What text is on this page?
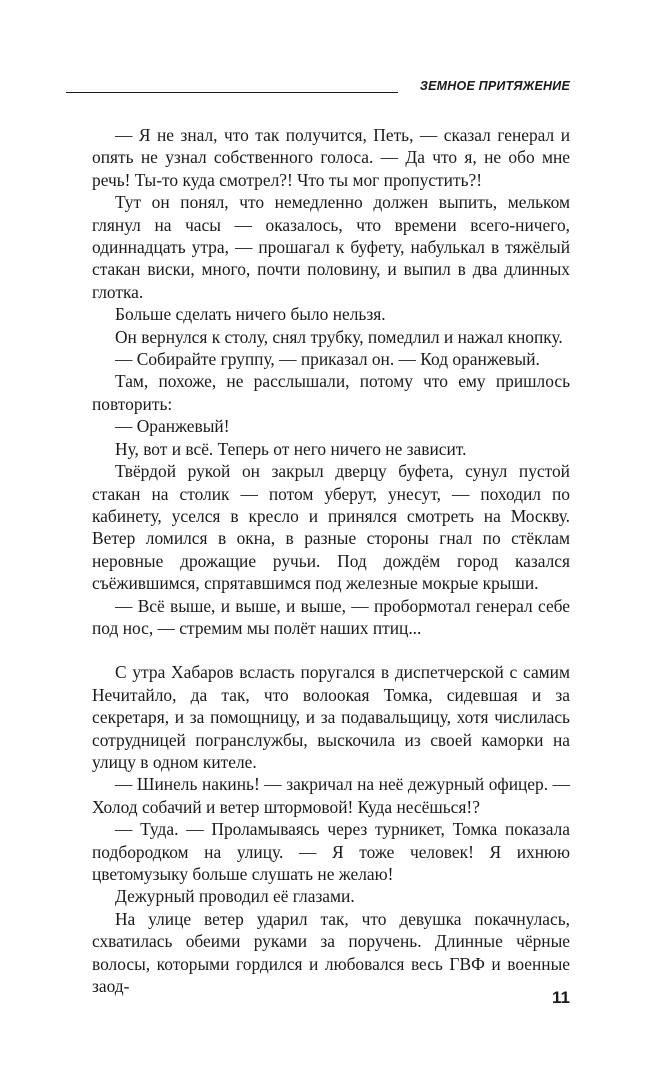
ЗЕМНОЕ ПРИТЯЖЕНИЕ

— Я не знал, что так получится, Петь, — сказал генерал и опять не узнал собственного голоса. — Да что я, не обо мне речь! Ты-то куда смотрел?! Что ты мог пропустить?!

Тут он понял, что немедленно должен выпить, мельком глянул на часы — оказалось, что времени всего-ничего, одиннадцать утра, — прошагал к буфету, набулькал в тяжёлый стакан виски, много, почти половину, и выпил в два длинных глотка.

Больше сделать ничего было нельзя.

Он вернулся к столу, снял трубку, помедлил и нажал кнопку.

— Собирайте группу, — приказал он. — Код оранжевый.

Там, похоже, не расслышали, потому что ему пришлось повторить:

— Оранжевый!

Ну, вот и всё. Теперь от него ничего не зависит.

Твёрдой рукой он закрыл дверцу буфета, сунул пустой стакан на столик — потом уберут, унесут, — походил по кабинету, уселся в кресло и принялся смотреть на Москву. Ветер ломился в окна, в разные стороны гнал по стёклам неровные дрожащие ручьи. Под дождём город казался съёжившимся, спрятавшимся под железные мокрые крыши.

— Всё выше, и выше, и выше, — пробормотал генерал себе под нос, — стремим мы полёт наших птиц...

С утра Хабаров всласть поругался в диспетчерской с самим Нечитайло, да так, что волоокая Томка, сидевшая и за секретаря, и за помощницу, и за подавальщицу, хотя числилась сотрудницей погранслужбы, выскочила из своей каморки на улицу в одном кителе.

— Шинель накинь! — закричал на неё дежурный офицер. — Холод собачий и ветер штормовой! Куда несёшься!?

— Туда. — Проламываясь через турникет, Томка показала подбородком на улицу. — Я тоже человек! Я ихнюю цветомузыку больше слушать не желаю!

Дежурный проводил её глазами.

На улице ветер ударил так, что девушка покачнулась, схватилась обеими руками за поручень. Длинные чёрные волосы, которыми гордился и любовался весь ГВФ и военные заод-

11
